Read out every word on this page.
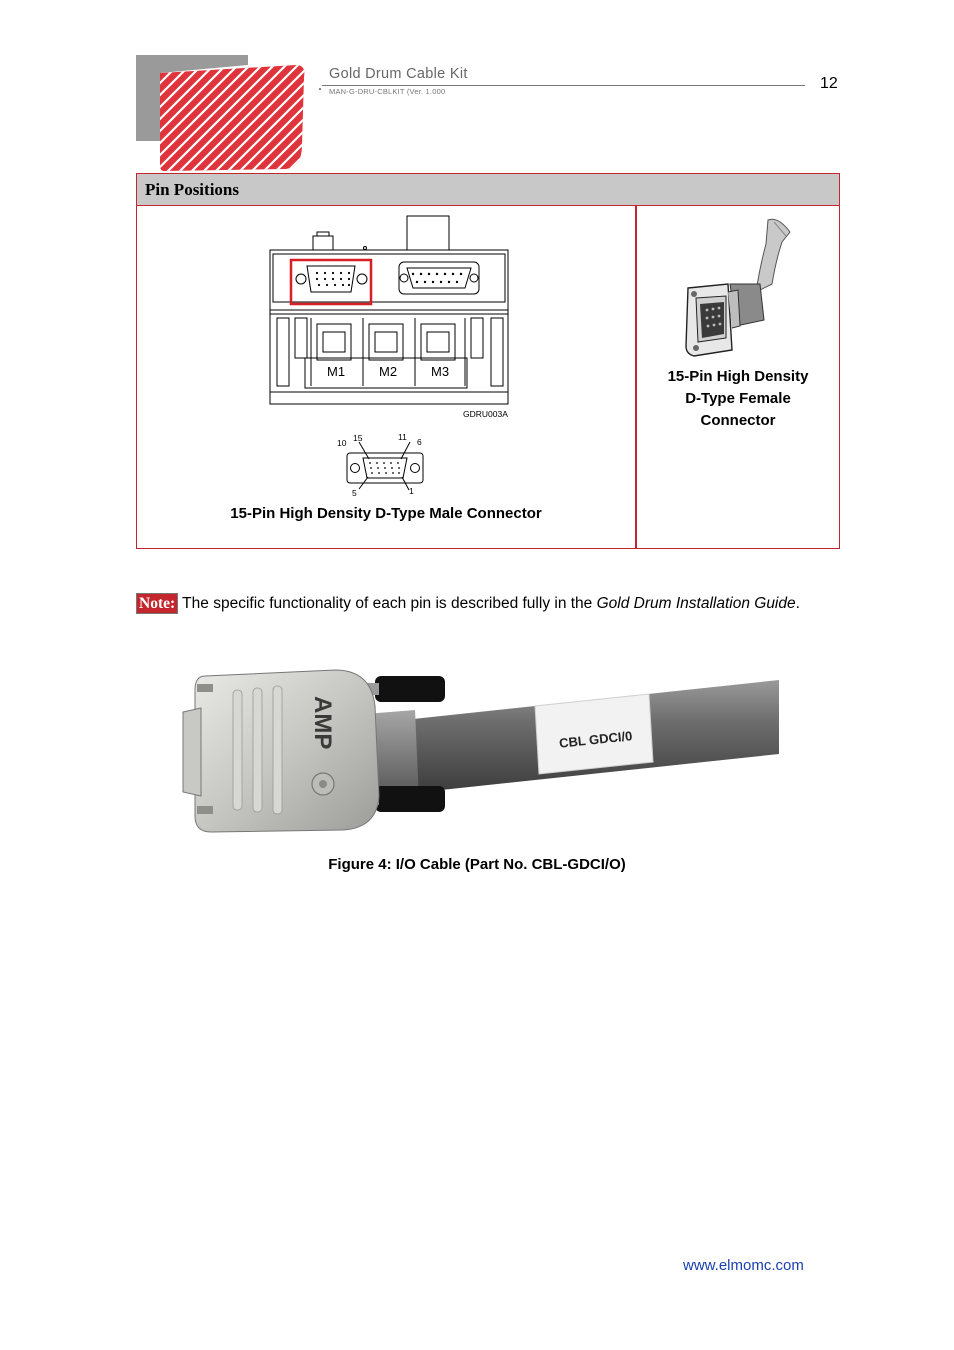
Gold Drum Cable Kit
MAN-G-DRU-CBLKIT (Ver. 1.000	12
Pin Positions
M1	M2	M3
GDRU003A
10 15	11 6
5	1
15-Pin High Density D-Type Male Connector
15-Pin High Density
D-Type Female
Connector
Note: The specific functionality of each pin is described fully in the Gold Drum Installation Guide.
CBL GDCI/0
AMP
Figure 4: I/O Cable (Part No. CBL-GDCI/O)
www.elmomc.com
